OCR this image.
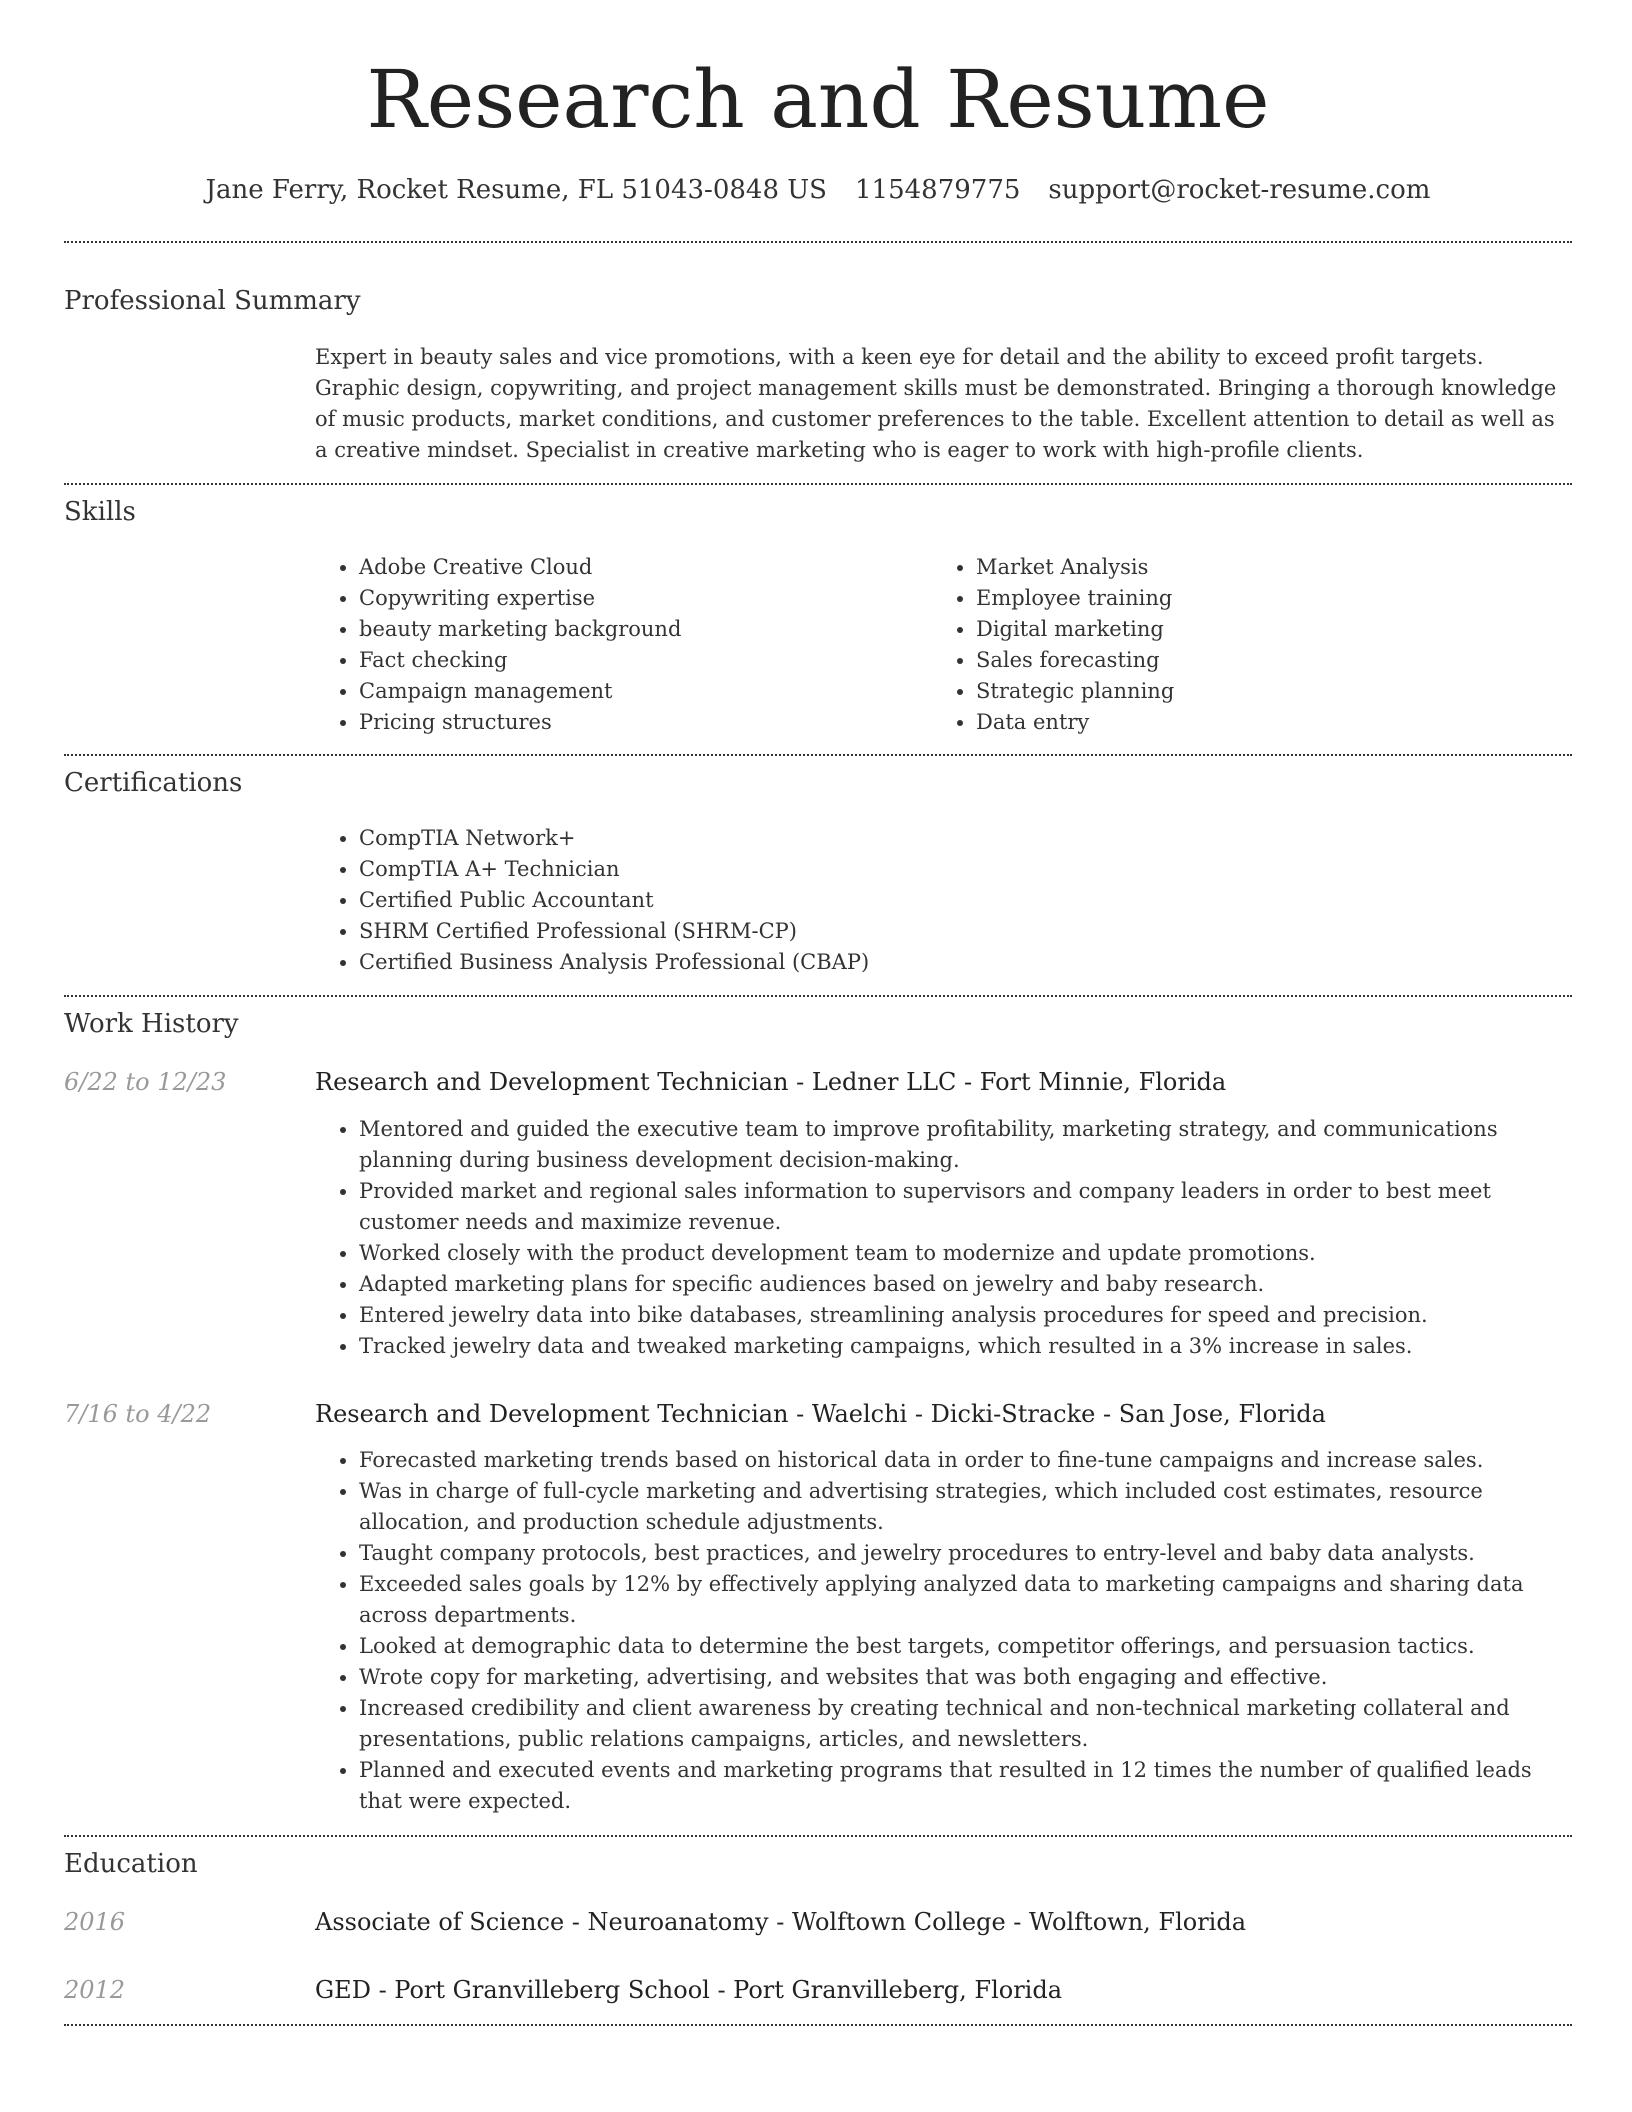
Research and Resume
Jane Ferry, Rocket Resume, FL 51043-0848 US 1154879775 support@rocket-resume.com
Professional Summary
Expert in beauty sales and vice promotions, with a keen eye for detail and the ability to exceed profit targets. Graphic design, copywriting, and project management skills must be demonstrated. Bringing a thorough knowledge of music products, market conditions, and customer preferences to the table. Excellent attention to detail as well as a creative mindset. Specialist in creative marketing who is eager to work with high-profile clients.
Skills
• Adobe Creative Cloud
• Copywriting expertise
• beauty marketing background
• Fact checking
• Campaign management
• Pricing structures
• Market Analysis
• Employee training
• Digital marketing
• Sales forecasting
• Strategic planning
• Data entry
Certifications
• CompTIA Network+
• CompTIA A+ Technician
• Certified Public Accountant
• SHRM Certified Professional (SHRM-CP)
• Certified Business Analysis Professional (CBAP)
Work History
6/22 to 12/23	Research and Development Technician - Ledner LLC - Fort Minnie, Florida
• Mentored and guided the executive team to improve profitability, marketing strategy, and communications planning during business development decision-making.
• Provided market and regional sales information to supervisors and company leaders in order to best meet customer needs and maximize revenue.
• Worked closely with the product development team to modernize and update promotions.
• Adapted marketing plans for specific audiences based on jewelry and baby research.
• Entered jewelry data into bike databases, streamlining analysis procedures for speed and precision.
• Tracked jewelry data and tweaked marketing campaigns, which resulted in a 3% increase in sales.
7/16 to 4/22	Research and Development Technician - Waelchi - Dicki-Stracke - San Jose, Florida
• Forecasted marketing trends based on historical data in order to fine-tune campaigns and increase sales.
• Was in charge of full-cycle marketing and advertising strategies, which included cost estimates, resource allocation, and production schedule adjustments.
• Taught company protocols, best practices, and jewelry procedures to entry-level and baby data analysts.
• Exceeded sales goals by 12% by effectively applying analyzed data to marketing campaigns and sharing data across departments.
• Looked at demographic data to determine the best targets, competitor offerings, and persuasion tactics.
• Wrote copy for marketing, advertising, and websites that was both engaging and effective.
• Increased credibility and client awareness by creating technical and non-technical marketing collateral and presentations, public relations campaigns, articles, and newsletters.
• Planned and executed events and marketing programs that resulted in 12 times the number of qualified leads that were expected.
Education
2016	Associate of Science - Neuroanatomy - Wolftown College - Wolftown, Florida
2012	GED - Port Granvilleberg School - Port Granvilleberg, Florida
